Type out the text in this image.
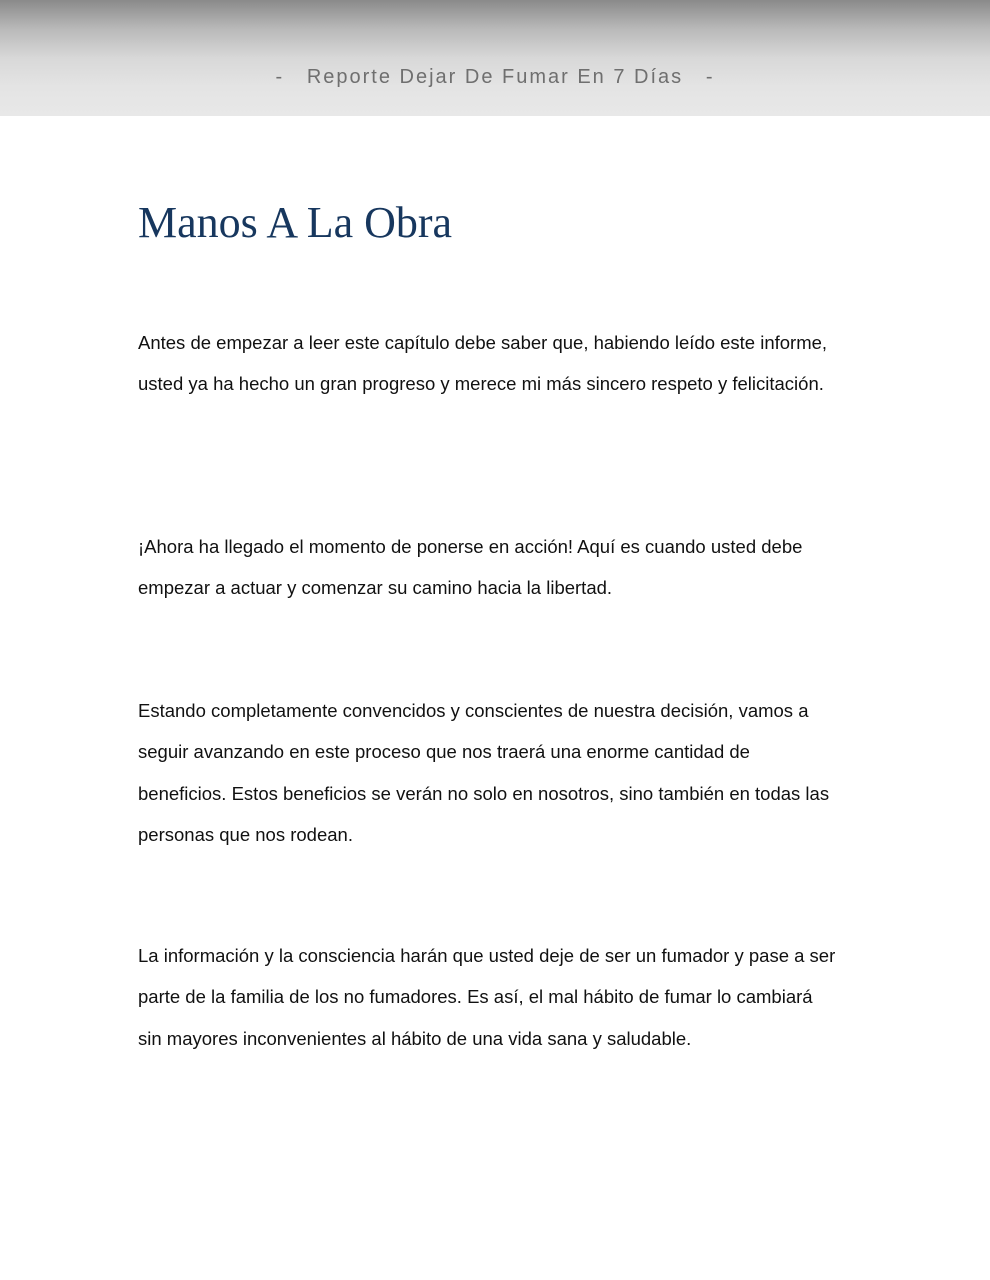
-   Reporte Dejar De Fumar En 7 Días   -
Manos A La Obra

Antes de empezar a leer este capítulo debe saber que, habiendo leído este informe, usted ya ha hecho un gran progreso y merece mi más sincero respeto y felicitación.

¡Ahora ha llegado el momento de ponerse en acción! Aquí es cuando usted debe empezar a actuar y comenzar su camino hacia la libertad.

Estando completamente convencidos y conscientes de nuestra decisión, vamos a seguir avanzando en este proceso que nos traerá una enorme cantidad de beneficios. Estos beneficios se verán no solo en nosotros, sino también en todas las personas que nos rodean.

La información y la consciencia harán que usted deje de ser un fumador y pase a ser parte de la familia de los no fumadores. Es así, el mal hábito de fumar lo cambiará sin mayores inconvenientes al hábito de una vida sana y saludable.
